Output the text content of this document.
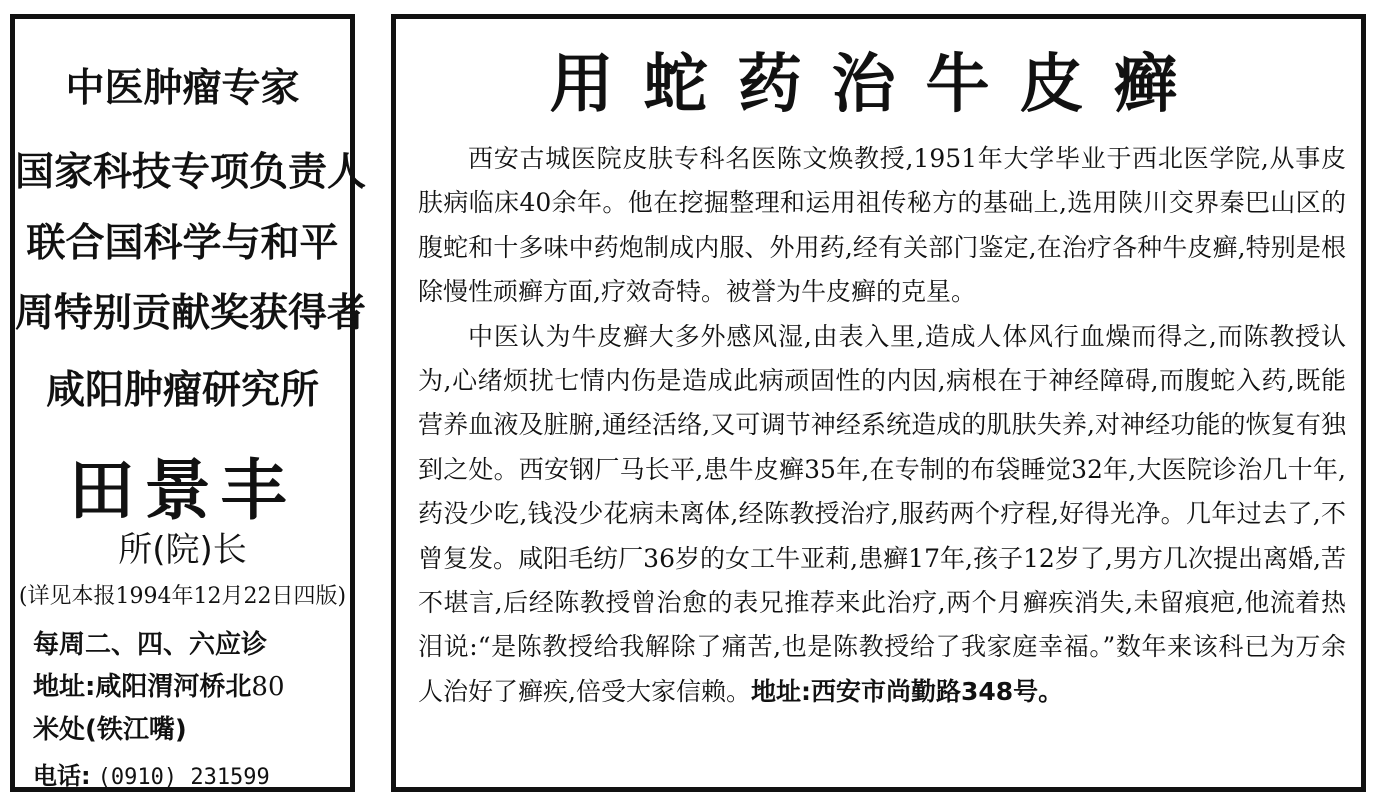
中医肿瘤专家
国家科技专项负责人
联合国科学与和平
周特别贡献奖获得者
咸阳肿瘤研究所
田景丰
所(院)长
(详见本报1994年12月22日四版)
每周二、四、六应诊
地址:咸阳渭河桥北80
米处(铁江嘴)
电话: (0910) 231599
用蛇药治牛皮癣

西安古城医院皮肤专科名医陈文焕教授,1951年大学毕业于西北医学院,从事皮肤病临床40余年。他在挖掘整理和运用祖传秘方的基础上,选用陕川交界秦巴山区的腹蛇和十多味中药炮制成内服、外用药,经有关部门鉴定,在治疗各种牛皮癣,特别是根除慢性顽癣方面,疗效奇特。被誉为牛皮癣的克星。

中医认为牛皮癣大多外感风湿,由表入里,造成人体风行血燥而得之,而陈教授认为,心绪烦扰七情内伤是造成此病顽固性的内因,病根在于神经障碍,而腹蛇入药,既能营养血液及脏腑,通经活络,又可调节神经系统造成的肌肤失养,对神经功能的恢复有独到之处。西安钢厂马长平,患牛皮癣35年,在专制的布袋睡觉32年,大医院诊治几十年,药没少吃,钱没少花病未离体,经陈教授治疗,服药两个疗程,好得光净。几年过去了,不曾复发。咸阳毛纺厂36岁的女工牛亚莉,患癣17年,孩子12岁了,男方几次提出离婚,苦不堪言,后经陈教授曾治愈的表兄推荐来此治疗,两个月癣疾消失,未留痕疤,他流着热泪说:“是陈教授给我解除了痛苦,也是陈教授给了我家庭幸福。”数年来该科已为万余人治好了癣疾,倍受大家信赖。地址:西安市尚勤路348号。
